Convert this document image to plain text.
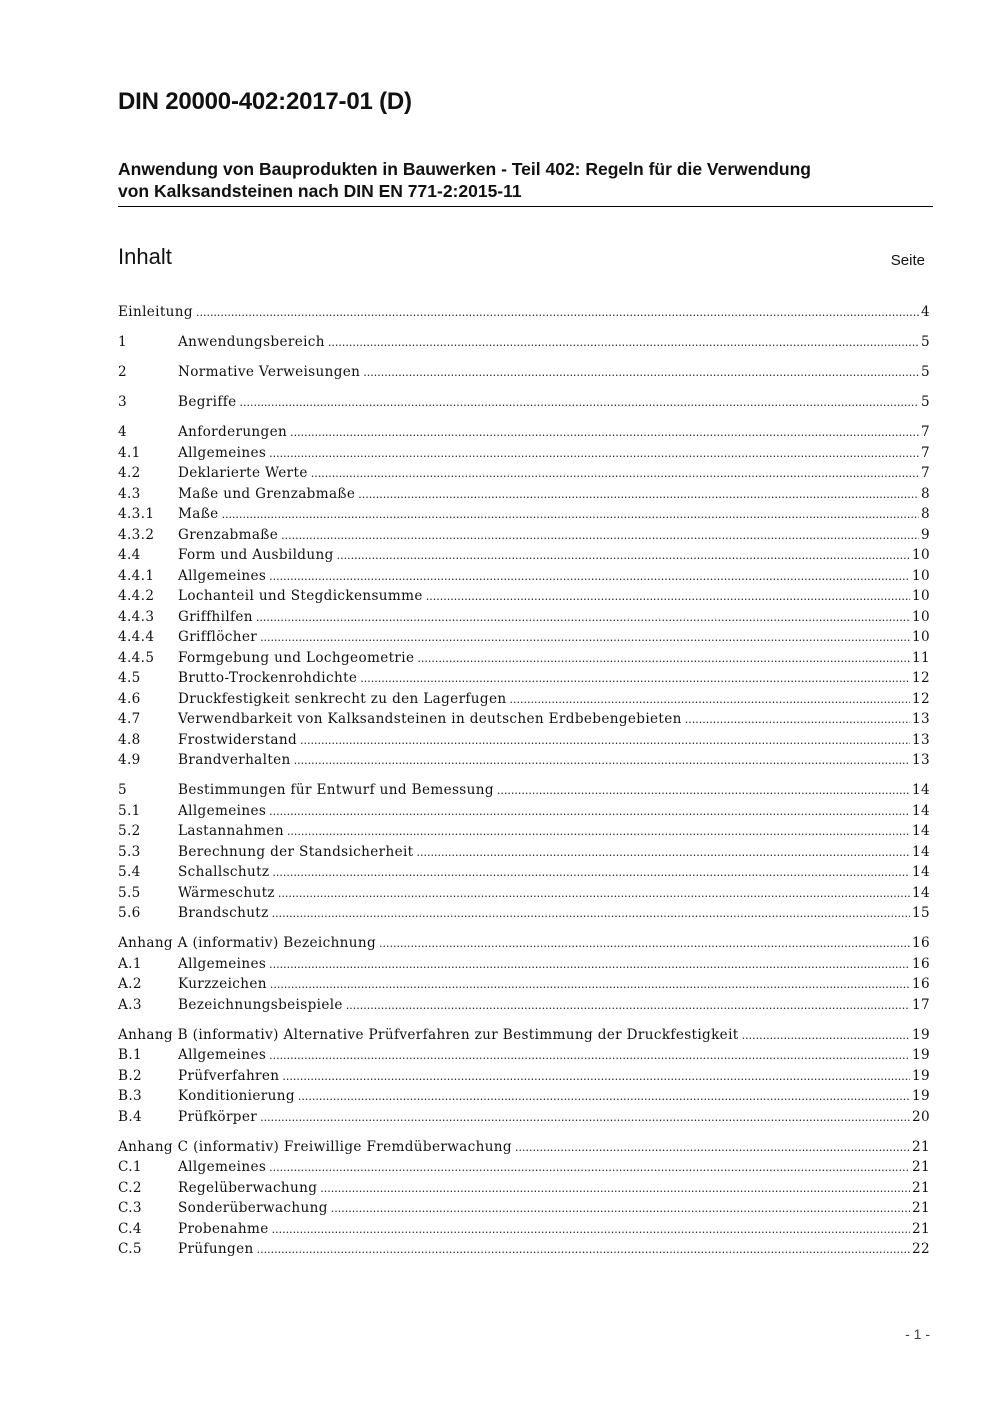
DIN 20000-402:2017-01 (D)
Anwendung von Bauprodukten in Bauwerken - Teil 402: Regeln für die Verwendung
von Kalksandsteinen nach DIN EN 771-2:2015-11
Inhalt	Seite
Einleitung .....	4
1	Anwendungsbereich .....	5
2	Normative Verweisungen .....	5
3	Begriffe .....	5
4	Anforderungen .....	7
4.1	Allgemeines .....	7
4.2	Deklarierte Werte .....	7
4.3	Maße und Grenzabmaße .....	8
4.3.1	Maße .....	8
4.3.2	Grenzabmaße .....	9
4.4	Form und Ausbildung .....	10
4.4.1	Allgemeines .....	10
4.4.2	Lochanteil und Stegdickensumme .....	10
4.4.3	Griffhilfen .....	10
4.4.4	Grifflöcher .....	10
4.4.5	Formgebung und Lochgeometrie .....	11
4.5	Brutto-Trockenrohdichte .....	12
4.6	Druckfestigkeit senkrecht zu den Lagerfugen .....	12
4.7	Verwendbarkeit von Kalksandsteinen in deutschen Erdbebengebieten .....	13
4.8	Frostwiderstand .....	13
4.9	Brandverhalten .....	13
5	Bestimmungen für Entwurf und Bemessung .....	14
5.1	Allgemeines .....	14
5.2	Lastannahmen .....	14
5.3	Berechnung der Standsicherheit .....	14
5.4	Schallschutz .....	14
5.5	Wärmeschutz .....	14
5.6	Brandschutz .....	15
Anhang A (informativ) Bezeichnung .....	16
A.1	Allgemeines .....	16
A.2	Kurzzeichen .....	16
A.3	Bezeichnungsbeispiele .....	17
Anhang B (informativ) Alternative Prüfverfahren zur Bestimmung der Druckfestigkeit .....	19
B.1	Allgemeines .....	19
B.2	Prüfverfahren .....	19
B.3	Konditionierung .....	19
B.4	Prüfkörper .....	20
Anhang C (informativ) Freiwillige Fremdüberwachung .....	21
C.1	Allgemeines .....	21
C.2	Regelüberwachung .....	21
C.3	Sonderüberwachung .....	21
C.4	Probenahme .....	21
C.5	Prüfungen .....	22
- 1 -
